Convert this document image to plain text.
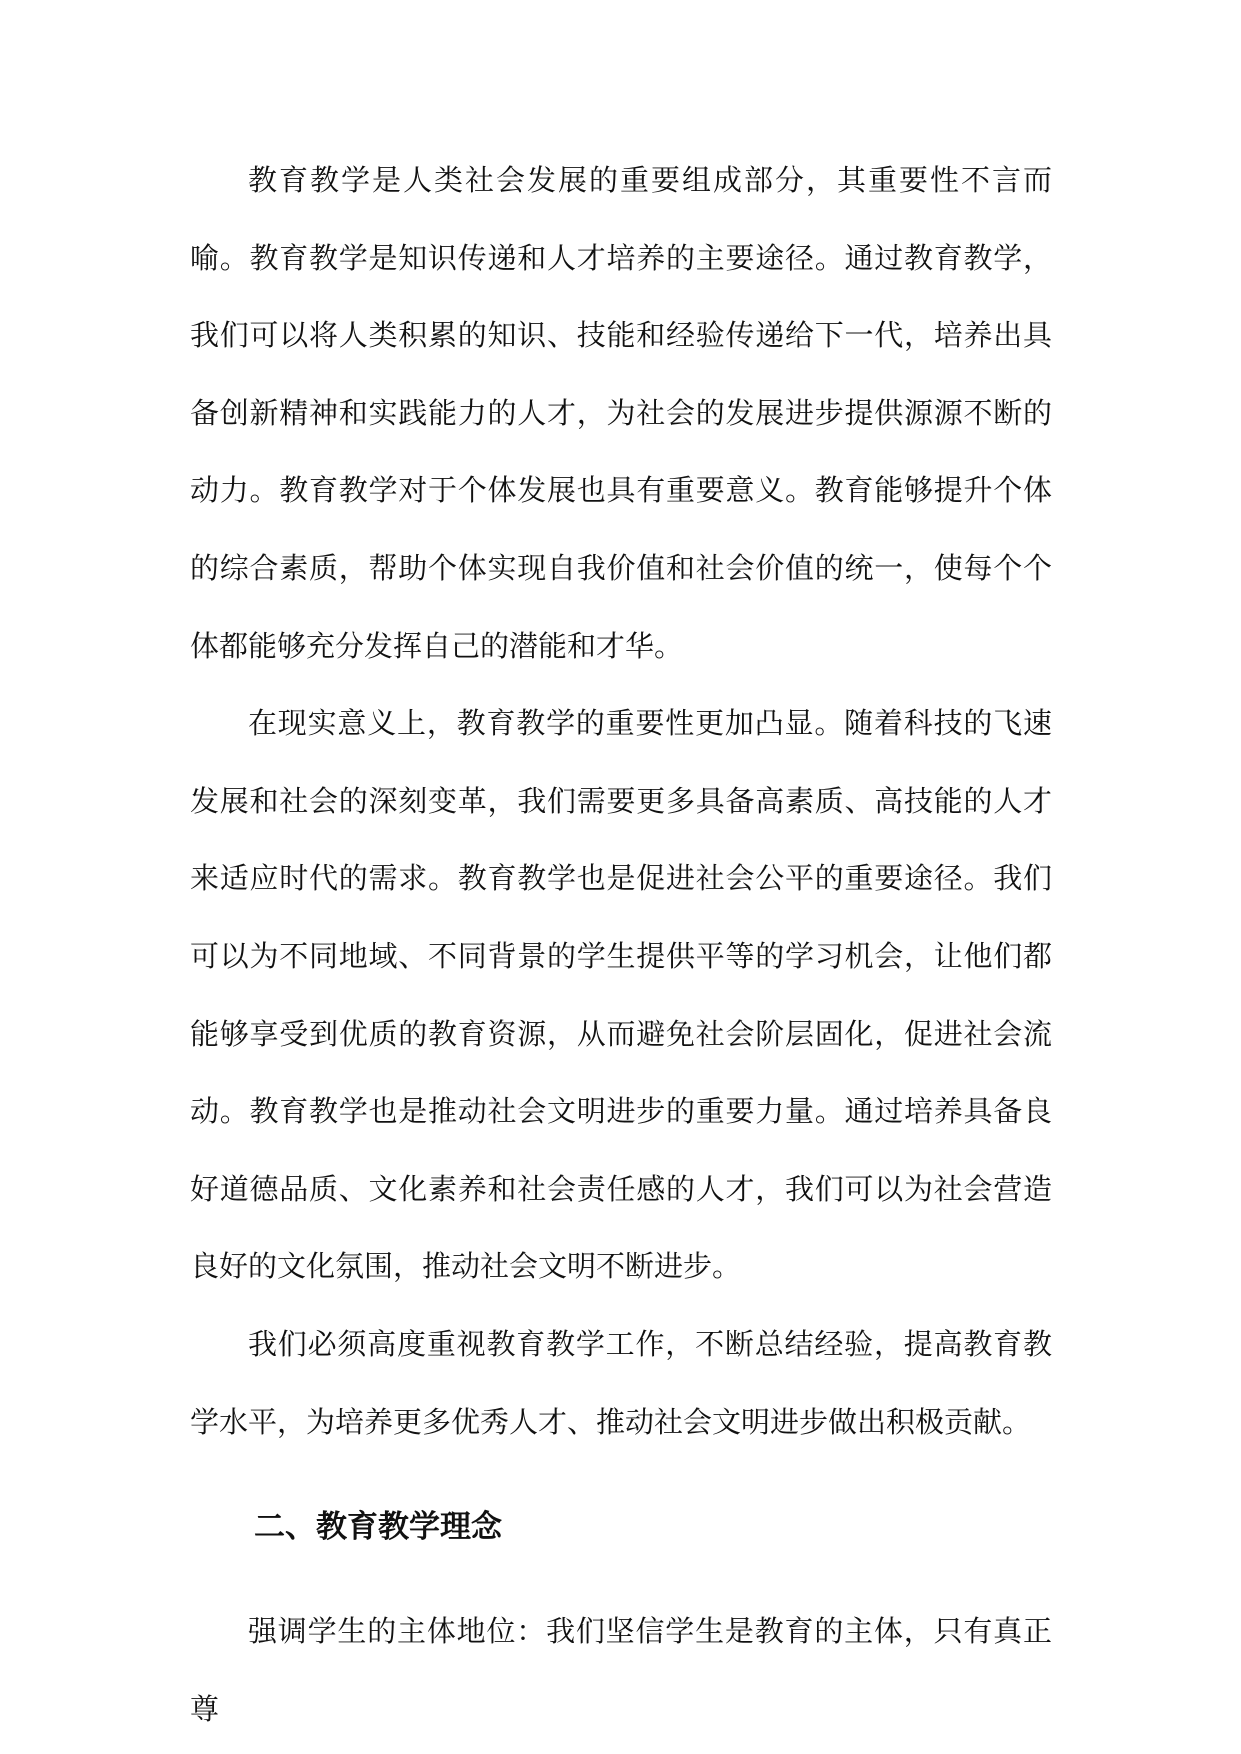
教育教学是人类社会发展的重要组成部分，其重要性不言而喻。教育教学是知识传递和人才培养的主要途径。通过教育教学，我们可以将人类积累的知识、技能和经验传递给下一代，培养出具备创新精神和实践能力的人才，为社会的发展进步提供源源不断的动力。教育教学对于个体发展也具有重要意义。教育能够提升个体的综合素质，帮助个体实现自我价值和社会价值的统一，使每个个体都能够充分发挥自己的潜能和才华。

在现实意义上，教育教学的重要性更加凸显。随着科技的飞速发展和社会的深刻变革，我们需要更多具备高素质、高技能的人才来适应时代的需求。教育教学也是促进社会公平的重要途径。我们可以为不同地域、不同背景的学生提供平等的学习机会，让他们都能够享受到优质的教育资源，从而避免社会阶层固化，促进社会流动。教育教学也是推动社会文明进步的重要力量。通过培养具备良好道德品质、文化素养和社会责任感的人才，我们可以为社会营造良好的文化氛围，推动社会文明不断进步。

我们必须高度重视教育教学工作，不断总结经验，提高教育教学水平，为培养更多优秀人才、推动社会文明进步做出积极贡献。

二、教育教学理念

强调学生的主体地位：我们坚信学生是教育的主体，只有真正尊
